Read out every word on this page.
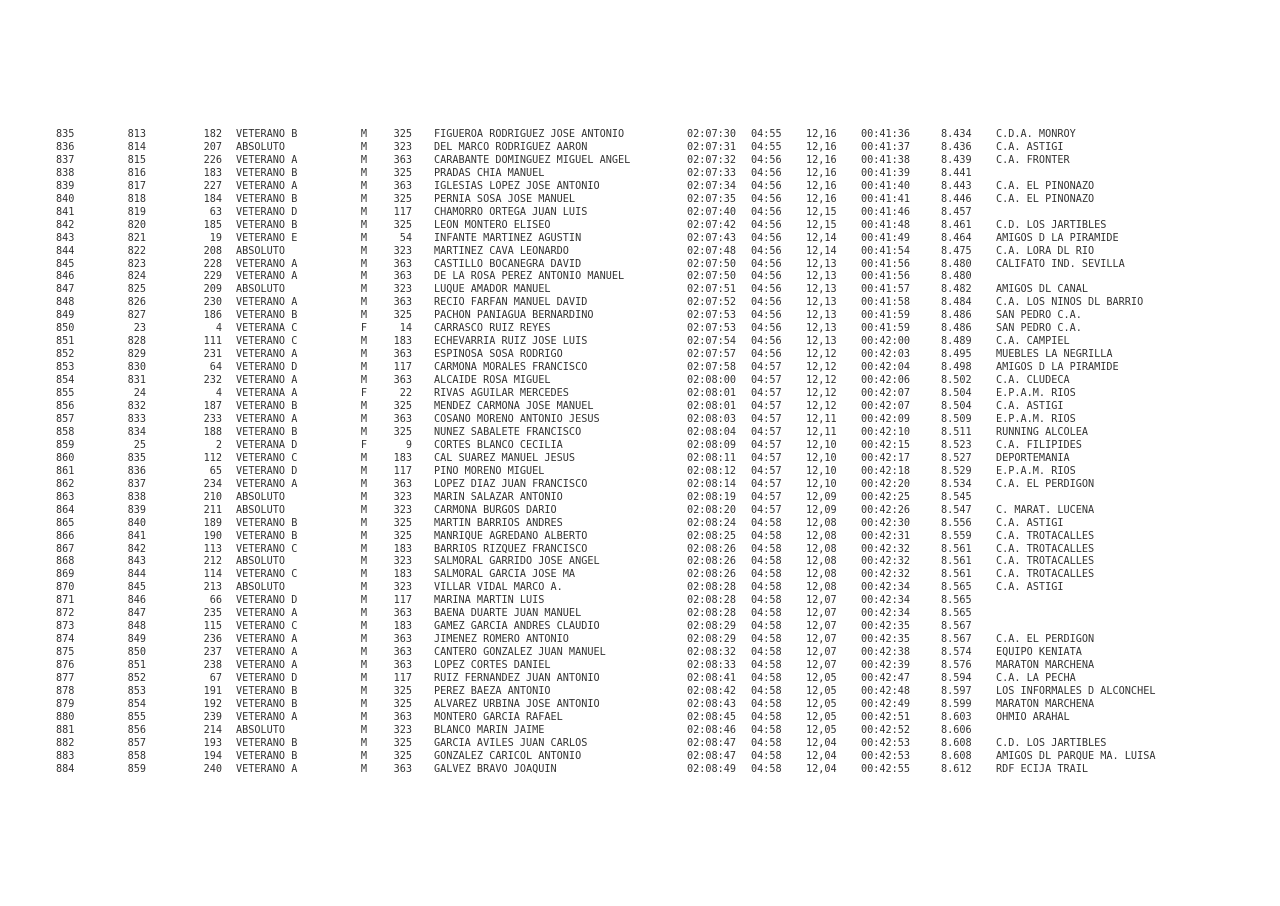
835	813	182	VETERANO B	M	325	FIGUEROA RODRIGUEZ JOSE ANTONIO	02:07:30	04:55	12,16	00:41:36	8.434	C.D.A. MONROY
836	814	207	ABSOLUTO	M	323	DEL MARCO RODRIGUEZ AARON	02:07:31	04:55	12,16	00:41:37	8.436	C.A. ASTIGI
837	815	226	VETERANO A	M	363	CARABANTE DOMINGUEZ MIGUEL ANGEL	02:07:32	04:56	12,16	00:41:38	8.439	C.A. FRONTER
838	816	183	VETERANO B	M	325	PRADAS CHIA MANUEL	02:07:33	04:56	12,16	00:41:39	8.441	
839	817	227	VETERANO A	M	363	IGLESIAS LOPEZ JOSE ANTONIO	02:07:34	04:56	12,16	00:41:40	8.443	C.A. EL PIÑONAZO
840	818	184	VETERANO B	M	325	PERNIA SOSA JOSE MANUEL	02:07:35	04:56	12,16	00:41:41	8.446	C.A. EL PIÑONAZO
841	819	63	VETERANO D	M	117	CHAMORRO ORTEGA JUAN LUIS	02:07:40	04:56	12,15	00:41:46	8.457	
842	820	185	VETERANO B	M	325	LEON MONTERO ELISEO	02:07:42	04:56	12,15	00:41:48	8.461	C.D. LOS JARTIBLES
843	821	19	VETERANO E	M	54	INFANTE MARTINEZ AGUSTIN	02:07:43	04:56	12,14	00:41:49	8.464	AMIGOS D LA PIRAMIDE
844	822	208	ABSOLUTO	M	323	MARTINEZ CAVA LEONARDO	02:07:48	04:56	12,14	00:41:54	8.475	C.A. LORA DL RIO
845	823	228	VETERANO A	M	363	CASTILLO BOCANEGRA DAVID	02:07:50	04:56	12,13	00:41:56	8.480	CALIFATO IND. SEVILLA
846	824	229	VETERANO A	M	363	DE LA ROSA PEREZ ANTONIO MANUEL	02:07:50	04:56	12,13	00:41:56	8.480	
847	825	209	ABSOLUTO	M	323	LUQUE AMADOR MANUEL	02:07:51	04:56	12,13	00:41:57	8.482	AMIGOS DL CANAL
848	826	230	VETERANO A	M	363	RECIO FARFAN MANUEL DAVID	02:07:52	04:56	12,13	00:41:58	8.484	C.A. LOS NIÑOS DL BARRIO
849	827	186	VETERANO B	M	325	PACHON PANIAGUA BERNARDINO	02:07:53	04:56	12,13	00:41:59	8.486	SAN PEDRO C.A.
850	23	4	VETERANA C	F	14	CARRASCO RUIZ REYES	02:07:53	04:56	12,13	00:41:59	8.486	SAN PEDRO C.A.
851	828	111	VETERANO C	M	183	ECHEVARRIA RUIZ JOSE LUIS	02:07:54	04:56	12,13	00:42:00	8.489	C.A. CAMPIEL
852	829	231	VETERANO A	M	363	ESPINOSA SOSA RODRIGO	02:07:57	04:56	12,12	00:42:03	8.495	MUEBLES LA NEGRILLA
853	830	64	VETERANO D	M	117	CARMONA MORALES FRANCISCO	02:07:58	04:57	12,12	00:42:04	8.498	AMIGOS D LA PIRAMIDE
854	831	232	VETERANO A	M	363	ALCAIDE ROSA MIGUEL	02:08:00	04:57	12,12	00:42:06	8.502	C.A. CLUDECA
855	24	4	VETERANA A	F	22	RIVAS AGUILAR MERCEDES	02:08:01	04:57	12,12	00:42:07	8.504	E.P.A.M. RIOS
856	832	187	VETERANO B	M	325	MENDEZ CARMONA JOSE MANUEL	02:08:01	04:57	12,12	00:42:07	8.504	C.A. ASTIGI
857	833	233	VETERANO A	M	363	COSANO MORENO ANTONIO JESUS	02:08:03	04:57	12,11	00:42:09	8.509	E.P.A.M. RIOS
858	834	188	VETERANO B	M	325	NUÑEZ SABALETE FRANCISCO	02:08:04	04:57	12,11	00:42:10	8.511	RUNNING ALCOLEA
859	25	2	VETERANA D	F	9	CORTES BLANCO CECILIA	02:08:09	04:57	12,10	00:42:15	8.523	C.A. FILIPIDES
860	835	112	VETERANO C	M	183	CAL SUAREZ MANUEL JESUS	02:08:11	04:57	12,10	00:42:17	8.527	DEPORTEMANIA
861	836	65	VETERANO D	M	117	PINO MORENO MIGUEL	02:08:12	04:57	12,10	00:42:18	8.529	E.P.A.M. RIOS
862	837	234	VETERANO A	M	363	LOPEZ DIAZ JUAN FRANCISCO	02:08:14	04:57	12,10	00:42:20	8.534	C.A. EL PERDIGON
863	838	210	ABSOLUTO	M	323	MARIN SALAZAR ANTONIO	02:08:19	04:57	12,09	00:42:25	8.545	
864	839	211	ABSOLUTO	M	323	CARMONA BURGOS DARIO	02:08:20	04:57	12,09	00:42:26	8.547	C. MARAT. LUCENA
865	840	189	VETERANO B	M	325	MARTIN BARRIOS ANDRES	02:08:24	04:58	12,08	00:42:30	8.556	C.A. ASTIGI
866	841	190	VETERANO B	M	325	MANRIQUE AGREDANO ALBERTO	02:08:25	04:58	12,08	00:42:31	8.559	C.A. TROTACALLES
867	842	113	VETERANO C	M	183	BARRIOS RIZQUEZ FRANCISCO	02:08:26	04:58	12,08	00:42:32	8.561	C.A. TROTACALLES
868	843	212	ABSOLUTO	M	323	SALMORAL GARRIDO JOSE ANGEL	02:08:26	04:58	12,08	00:42:32	8.561	C.A. TROTACALLES
869	844	114	VETERANO C	M	183	SALMORAL GARCIA JOSE MA	02:08:26	04:58	12,08	00:42:32	8.561	C.A. TROTACALLES
870	845	213	ABSOLUTO	M	323	VILLAR VIDAL MARCO A.	02:08:28	04:58	12,08	00:42:34	8.565	C.A. ASTIGI
871	846	66	VETERANO D	M	117	MARINA MARTIN LUIS	02:08:28	04:58	12,07	00:42:34	8.565	
872	847	235	VETERANO A	M	363	BAENA DUARTE JUAN MANUEL	02:08:28	04:58	12,07	00:42:34	8.565	
873	848	115	VETERANO C	M	183	GAMEZ GARCIA ANDRES CLAUDIO	02:08:29	04:58	12,07	00:42:35	8.567	
874	849	236	VETERANO A	M	363	JIMENEZ ROMERO ANTONIO	02:08:29	04:58	12,07	00:42:35	8.567	C.A. EL PERDIGON
875	850	237	VETERANO A	M	363	CANTERO GONZALEZ JUAN MANUEL	02:08:32	04:58	12,07	00:42:38	8.574	EQUIPO KENIATA
876	851	238	VETERANO A	M	363	LOPEZ CORTES DANIEL	02:08:33	04:58	12,07	00:42:39	8.576	MARATON MARCHENA
877	852	67	VETERANO D	M	117	RUIZ FERNANDEZ JUAN ANTONIO	02:08:41	04:58	12,05	00:42:47	8.594	C.A. LA PECHA
878	853	191	VETERANO B	M	325	PEREZ BAEZA ANTONIO	02:08:42	04:58	12,05	00:42:48	8.597	LOS INFORMALES D ALCONCHEL
879	854	192	VETERANO B	M	325	ALVAREZ URBINA JOSE ANTONIO	02:08:43	04:58	12,05	00:42:49	8.599	MARATON MARCHENA
880	855	239	VETERANO A	M	363	MONTERO GARCIA RAFAEL	02:08:45	04:58	12,05	00:42:51	8.603	OHMIO ARAHAL
881	856	214	ABSOLUTO	M	323	BLANCO MARIN JAIME	02:08:46	04:58	12,05	00:42:52	8.606	
882	857	193	VETERANO B	M	325	GARCIA AVILES JUAN CARLOS	02:08:47	04:58	12,04	00:42:53	8.608	C.D. LOS JARTIBLES
883	858	194	VETERANO B	M	325	GONZALEZ CARICOL ANTONIO	02:08:47	04:58	12,04	00:42:53	8.608	AMIGOS DL PARQUE MA. LUISA
884	859	240	VETERANO A	M	363	GALVEZ BRAVO JOAQUIN	02:08:49	04:58	12,04	00:42:55	8.612	RDF ECIJA TRAIL
